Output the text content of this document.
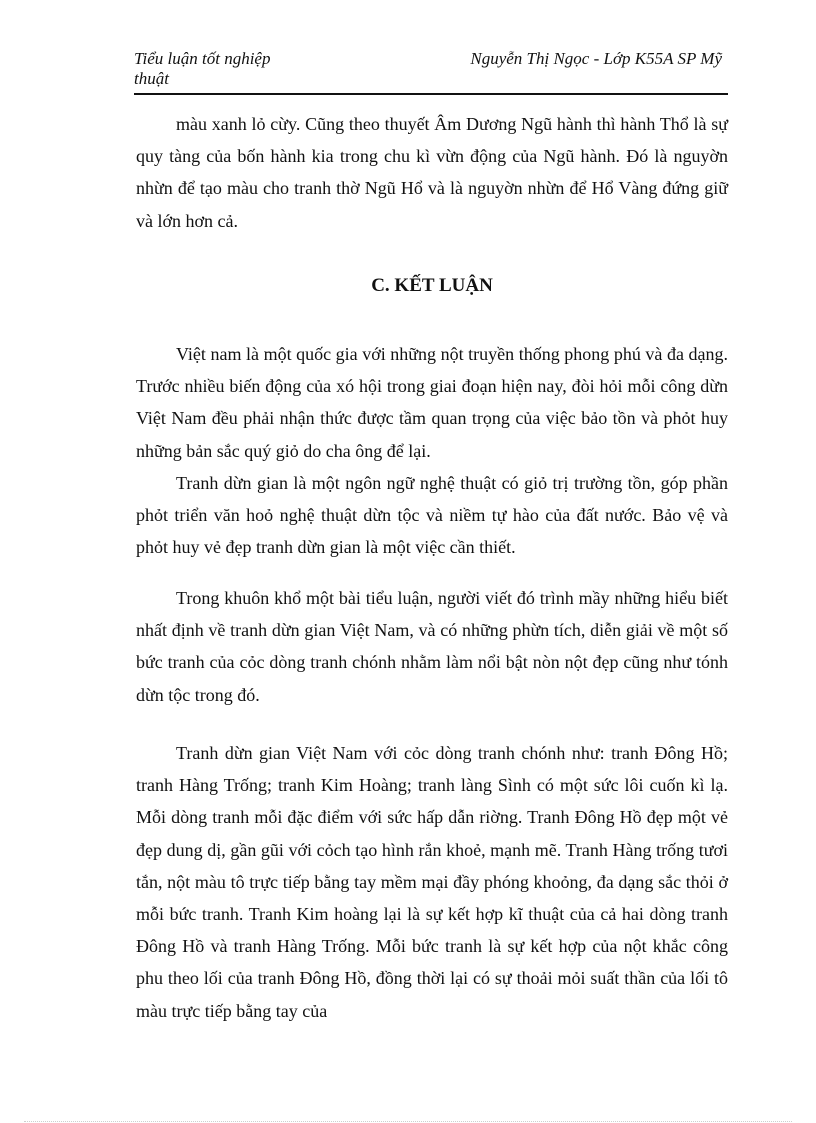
Tiểu luận tốt nghiệp thuật
Nguyễn Thị Ngọc - Lớp K55A SP Mỹ

màu xanh lỏ cừy. Cũng theo thuyết Âm Dương Ngũ hành thì hành Thổ là sự quy tàng của bốn hành kia trong chu kì vừn động của Ngũ hành. Đó là nguyờn nhừn để tạo màu cho tranh thờ Ngũ Hổ và là nguyờn nhừn để Hổ Vàng đứng giữ và lớn hơn cả.

C. KẾT LUẬN

Việt nam là một quốc gia với những nột truyền thống phong phú và đa dạng. Trước nhiều biến động của xó hội trong giai đoạn hiện nay, đòi hỏi mỗi công dừn Việt Nam đều phải nhận thức được tầm quan trọng của việc bảo tồn và phỏt huy những bản sắc quý giỏ do cha ông để lại.

Tranh dừn gian là một ngôn ngữ nghệ thuật có giỏ trị trường tồn, góp phần phỏt triển văn hoỏ nghệ thuật dừn tộc và niềm tự hào của đất nước. Bảo vệ và phỏt huy vẻ đẹp tranh dừn gian là một việc cần thiết.

Trong khuôn khổ một bài tiểu luận, người viết đó trình mầy những hiểu biết nhất định về tranh dừn gian Việt Nam, và có những phừn tích, diễn giải về một số bức tranh của cỏc dòng tranh chónh nhằm làm nổi bật nòn nột đẹp cũng như tónh dừn tộc trong đó.

Tranh dừn gian Việt Nam với cỏc dòng tranh chónh như: tranh Đông Hồ; tranh Hàng Trống; tranh Kim Hoàng; tranh làng Sình có một sức lôi cuốn kì lạ. Mỗi dòng tranh mỗi đặc điểm với sức hấp dẫn riờng. Tranh Đông Hồ đẹp một vẻ đẹp dung dị, gần gũi với cỏch tạo hình rắn khoẻ, mạnh mẽ. Tranh Hàng trống tươi tắn, nột màu tô trực tiếp bằng tay mềm mại đầy phóng khoỏng, đa dạng sắc thỏi ở mỗi bức tranh. Tranh Kim hoàng lại là sự kết hợp kĩ thuật của cả hai dòng tranh Đông Hồ và tranh Hàng Trống. Mỗi bức tranh là sự kết hợp của nột khắc công phu theo lối của tranh Đông Hồ, đồng thời lại có sự thoải mỏi suất thần của lối tô màu trực tiếp bằng tay của
